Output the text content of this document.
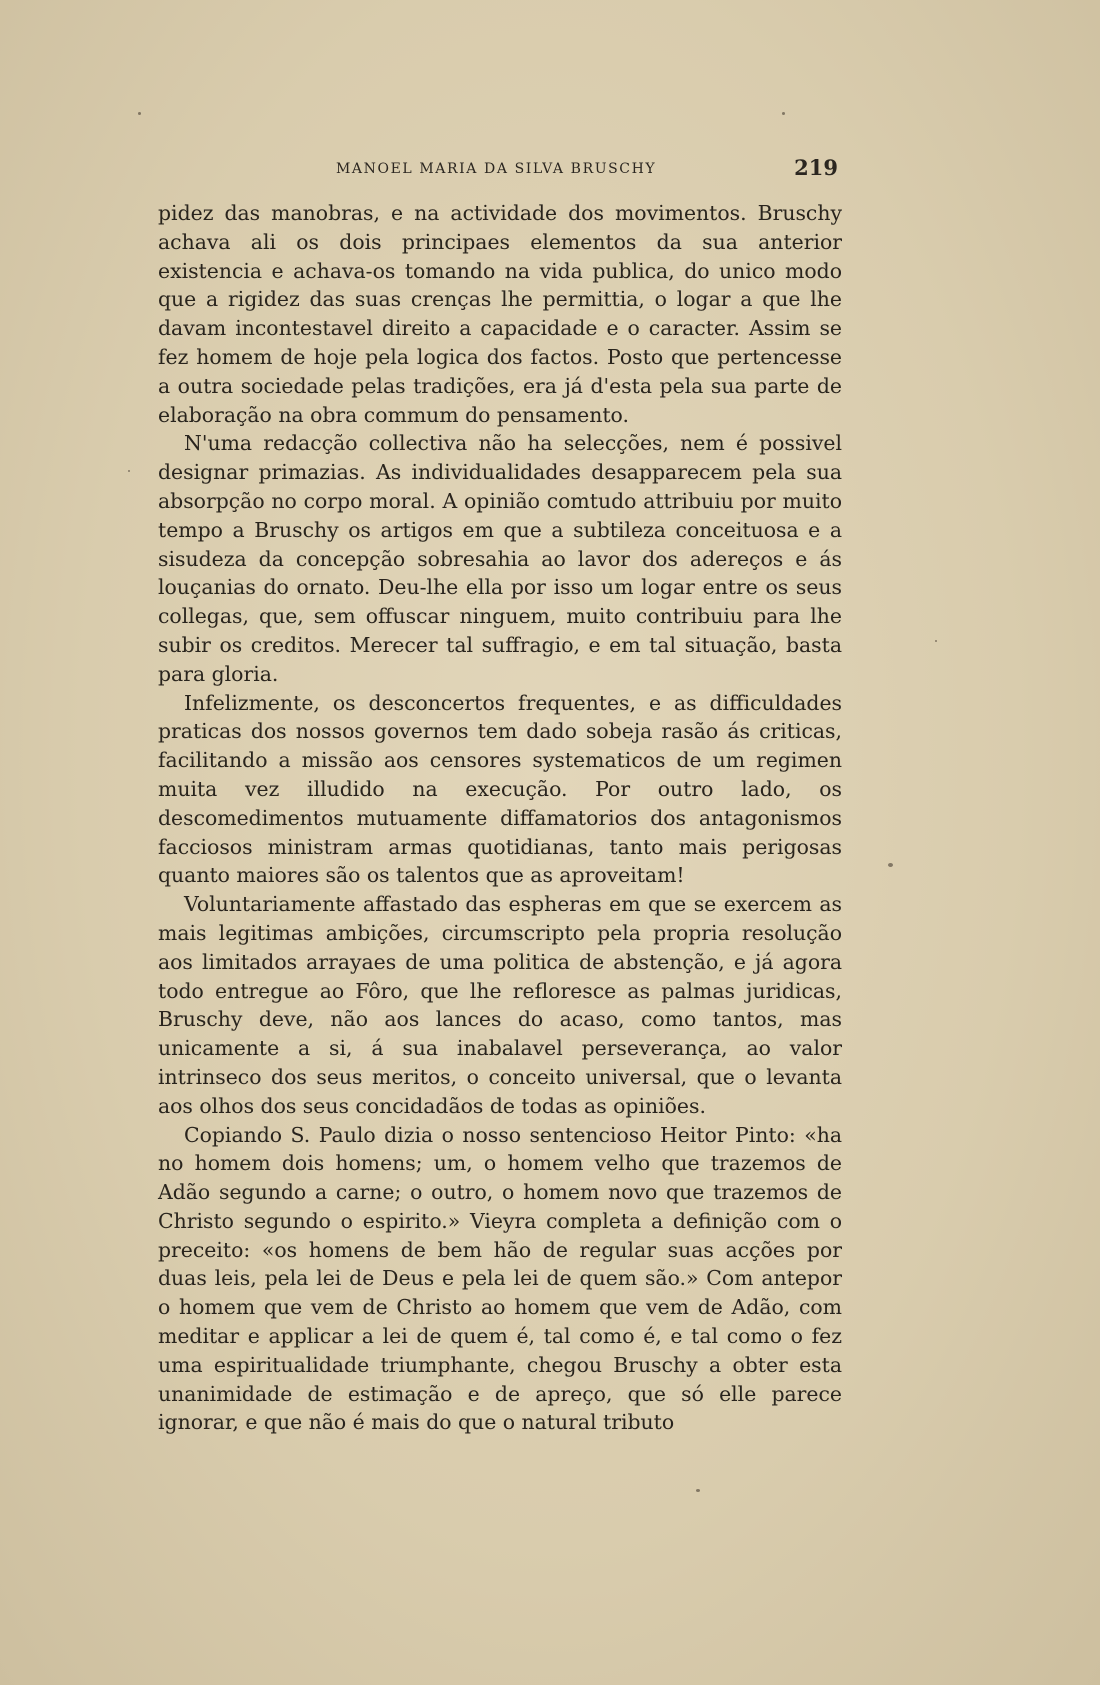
MANOEL MARIA DA SILVA BRUSCHY	219

pidez das manobras, e na actividade dos movimentos. Bruschy achava ali os dois principaes elementos da sua anterior existencia e achava-os tomando na vida publica, do unico modo que a rigidez das suas crenças lhe permittia, o logar a que lhe davam incontestavel direito a capacidade e o caracter. Assim se fez homem de hoje pela logica dos factos. Posto que pertencesse a outra sociedade pelas tradições, era já d'esta pela sua parte de elaboração na obra commum do pensamento.

N'uma redacção collectiva não ha selecções, nem é possivel designar primazias. As individualidades desapparecem pela sua absorpção no corpo moral. A opinião comtudo attribuiu por muito tempo a Bruschy os artigos em que a subtileza conceituosa e a sisudeza da concepção sobresahia ao lavor dos adereços e ás louçanias do ornato. Deu-lhe ella por isso um logar entre os seus collegas, que, sem offuscar ninguem, muito contribuiu para lhe subir os creditos. Merecer tal suffragio, e em tal situação, basta para gloria.

Infelizmente, os desconcertos frequentes, e as difficuldades praticas dos nossos governos tem dado sobeja rasão ás criticas, facilitando a missão aos censores systematicos de um regimen muita vez illudido na execução. Por outro lado, os descomedimentos mutuamente diffamatorios dos antagonismos facciosos ministram armas quotidianas, tanto mais perigosas quanto maiores são os talentos que as aproveitam!

Voluntariamente affastado das espheras em que se exercem as mais legitimas ambições, circumscripto pela propria resolução aos limitados arrayaes de uma politica de abstenção, e já agora todo entregue ao Fôro, que lhe refloresce as palmas juridicas, Bruschy deve, não aos lances do acaso, como tantos, mas unicamente a si, á sua inabalavel perseverança, ao valor intrinseco dos seus meritos, o conceito universal, que o levanta aos olhos dos seus concidadãos de todas as opiniões.

Copiando S. Paulo dizia o nosso sentencioso Heitor Pinto: «ha no homem dois homens; um, o homem velho que trazemos de Adão segundo a carne; o outro, o homem novo que trazemos de Christo segundo o espirito.» Vieyra completa a definição com o preceito: «os homens de bem hão de regular suas acções por duas leis, pela lei de Deus e pela lei de quem são.» Com antepor o homem que vem de Christo ao homem que vem de Adão, com meditar e applicar a lei de quem é, tal como é, e tal como o fez uma espiritualidade triumphante, chegou Bruschy a obter esta unanimidade de estimação e de apreço, que só elle parece ignorar, e que não é mais do que o natural tributo
